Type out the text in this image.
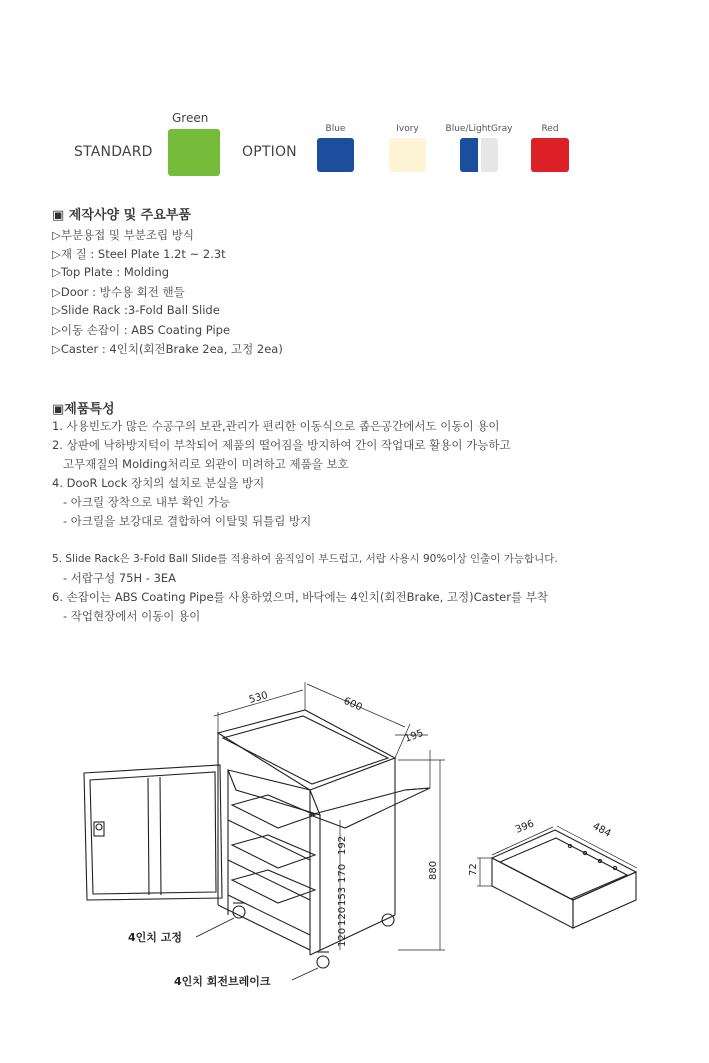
STANDARD
Green
OPTION
Blue	Ivory	Blue/LightGray	Red
▣ 제작사양 및 주요부품
▷부분용접 및 부분조립 방식
▷재 질 : Steel Plate 1.2t ~ 2.3t
▷Top Plate : Molding
▷Door : 방수용 회전 핸들
▷Slide Rack :3-Fold Ball Slide
▷이동 손잡이 : ABS Coating Pipe
▷Caster : 4인치(회전Brake 2ea, 고정 2ea)
▣제품특성
1. 사용빈도가 많은 수공구의 보관,관리가 편리한 이동식으로 좁은공간에서도 이동이 용이
2. 상판에 낙하방지턱이 부착되어 제품의 떨어짐을 방지하여 간이 작업대로 활용이 가능하고
고무재질의 Molding처리로 외관이 미려하고 제품을 보호
4. DooR Lock 장치의 설치로 분실을 방지
- 아크릴 장착으로 내부 확인 가능
- 아크릴을 보강대로 결합하여 이탈및 뒤틀림 방지
5. Slide Rack은 3-Fold Ball Slide를 적용하여 움직임이 부드럽고, 서랍 사용시 90%이상 인출이 가능합니다.
- 서랍구성 75H - 3EA
6. 손잡이는 ABS Coating Pipe를 사용하였으며, 바닥에는 4인치(회전Brake, 고정)Caster를 부착
- 작업현장에서 이동이 용이
530	600
195
880
192
170
153
120
120
396	484
72
4인치 고정
4인치 회전브레이크
